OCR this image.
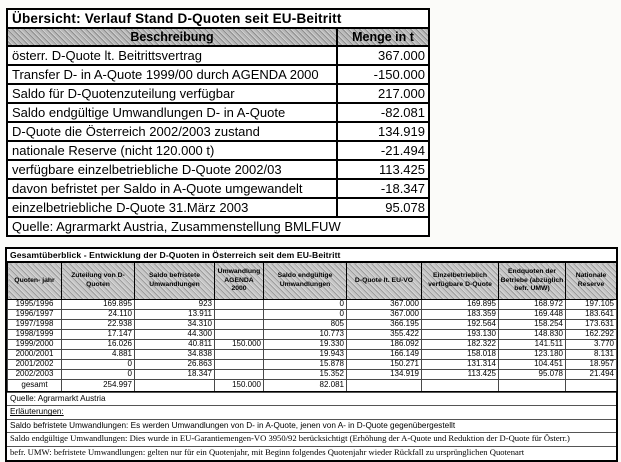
Übersicht: Verlauf Stand D-Quoten seit EU-Beitritt	
Beschreibung	Menge in t
österr. D-Quote lt. Beitrittsvertrag	367.000
Transfer D- in A-Quote 1999/00 durch AGENDA 2000	-150.000
Saldo für D-Quotenzuteilung verfügbar	217.000
Saldo endgültige Umwandlungen D- in A-Quote	-82.081
D-Quote die Österreich 2002/2003 zustand	134.919
nationale Reserve (nicht 120.000 t)	-21.494
verfügbare einzelbetriebliche D-Quote 2002/03	113.425
davon befristet per Saldo in A-Quote umgewandelt	-18.347
einzelbetriebliche D-Quote 31.März 2003	95.078
Quelle: Agrarmarkt Austria, Zusammenstellung BMLFUW	
Gesamtüberblick - Entwicklung der D-Quoten in Österreich seit dem EU-Beitritt
Quoten- jahr	Zuteilung von D-Quoten	Saldo befristete Umwandlungen	Umwandlung AGENDA 2000	Saldo endgültige Umwandlungen	D-Quote lt. EU-VO	Einzelbetrieblich verfügbare D-Quote	Endquoten der Betriebe (abzüglich befr. UMW)	Nationale Reserve
1995/1996	169.895	923		0	367.000	169.895	168.972	197.105
1996/1997	24.110	13.911		0	367.000	183.359	169.448	183.641
1997/1998	22.938	34.310		805	366.195	192.564	158.254	173.631
1998/1999	17.147	44.300		10.773	355.422	193.130	148.830	162.292
1999/2000	16.026	40.811	150.000	19.330	186.092	182.322	141.511	3.770
2000/2001	4.881	34.838		19.943	166.149	158.018	123.180	8.131
2001/2002	0	26.863		15.878	150.271	131.314	104.451	18.957
2002/2003	0	18.347		15.352	134.919	113.425	95.078	21.494
gesamt	254.997		150.000	82.081				
Quelle: Agrarmarkt Austria
Erläuterungen:
Saldo befristete Umwandlungen: Es werden Umwandlungen von D- in A-Quote, jenen von A- in D-Quote gegenübergestellt
Saldo endgültige Umwandlungen: Dies wurde in EU-Garantiemengen-VO 3950/92 berücksichtigt (Erhöhung der A-Quote und Reduktion der D-Quote für Österr.)
befr. UMW: befristete Umwandlungen: gelten nur für ein Quotenjahr, mit Beginn folgendes Quotenjahr wieder Rückfall zu ursprünglichen Quotenart
